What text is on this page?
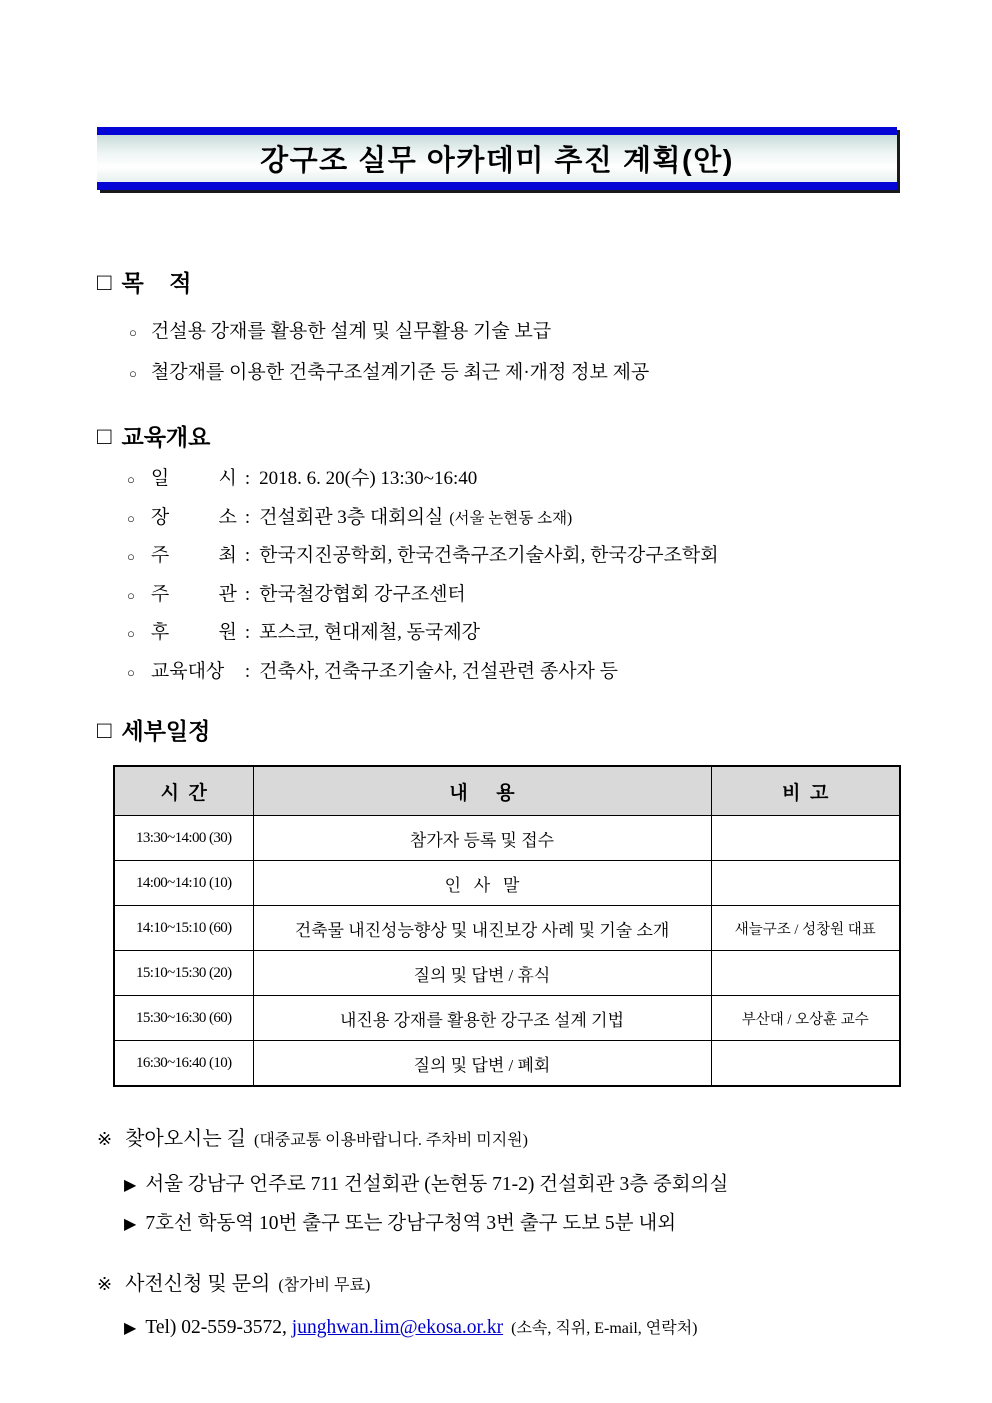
강구조 실무 아카데미 추진 계획(안)
□ 목    적
○ 건설용 강재를 활용한 설계 및 실무활용 기술 보급
○ 철강재를 이용한 건축구조설계기준 등 최근 제·개정 정보 제공
□ 교육개요
○ 일 시 : 2018. 6. 20(수) 13:30~16:40
○ 장 소 : 건설회관 3층 대회의실 (서울 논현동 소재)
○ 주 최 : 한국지진공학회, 한국건축구조기술사회, 한국강구조학회
○ 주 관 : 한국철강협회 강구조센터
○ 후 원 : 포스코, 현대제철, 동국제강
○ 교육대상	: 건축사, 건축구조기술사, 건설관련 종사자 등
□ 세부일정
시  간	내      용	비  고
13:30~14:00 (30)	참가자 등록 및 접수	
14:00~14:10 (10)	인   사   말	
14:10~15:10 (60)	건축물 내진성능향상 및 내진보강 사례 및 기술 소개	새늘구조 / 성창원 대표
15:10~15:30 (20)	질의 및 답변 / 휴식	
15:30~16:30 (60)	내진용 강재를 활용한 강구조 설계 기법	부산대 / 오상훈 교수
16:30~16:40 (10)	질의 및 답변 / 폐회	
※ 찾아오시는 길 (대중교통 이용바랍니다. 주차비 미지원)
▶ 서울 강남구 언주로 711 건설회관 (논현동 71-2) 건설회관 3층 중회의실
▶ 7호선 학동역 10번 출구 또는 강남구청역 3번 출구 도보 5분 내외
※ 사전신청 및 문의 (참가비 무료)
▶ Tel) 02-559-3572,
junghwan.lim@ekosa.or.kr (소속, 직위, E-mail, 연락처)
